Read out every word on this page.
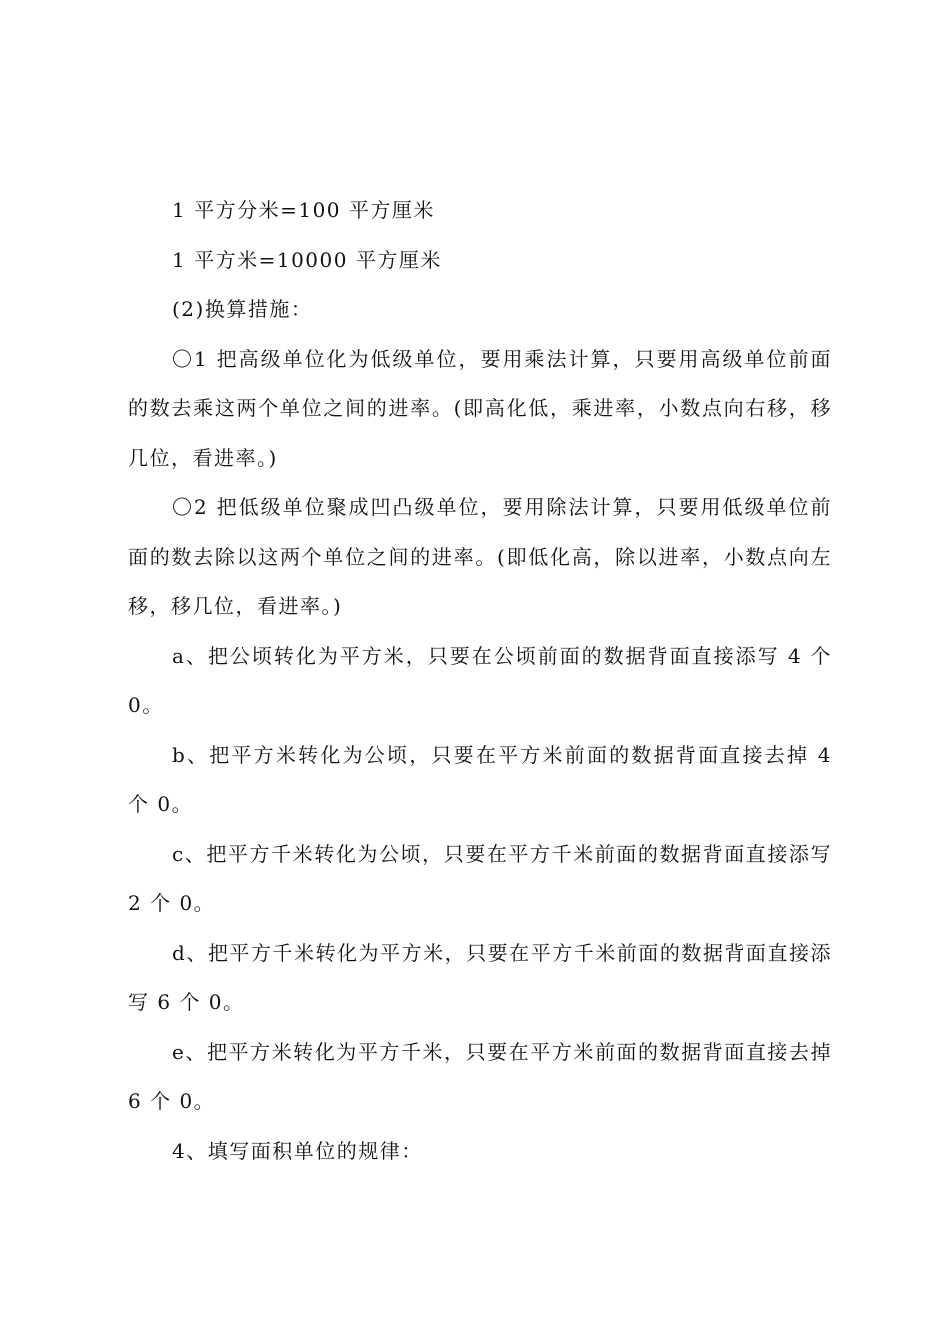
1 平方分米=100 平方厘米

1 平方米=10000 平方厘米

(2)换算措施：

〇1 把高级单位化为低级单位，要用乘法计算，只要用高级单位前面的数去乘这两个单位之间的进率。(即高化低，乘进率，小数点向右移，移几位，看进率。)

〇2 把低级单位聚成凹凸级单位，要用除法计算，只要用低级单位前面的数去除以这两个单位之间的进率。(即低化高，除以进率，小数点向左移，移几位，看进率。)

a、把公顷转化为平方米，只要在公顷前面的数据背面直接添写 4 个 0。

b、把平方米转化为公顷，只要在平方米前面的数据背面直接去掉 4 个 0。

c、把平方千米转化为公顷，只要在平方千米前面的数据背面直接添写 2 个 0。

d、把平方千米转化为平方米，只要在平方千米前面的数据背面直接添写 6 个 0。

e、把平方米转化为平方千米，只要在平方米前面的数据背面直接去掉 6 个 0。

4、填写面积单位的规律：
